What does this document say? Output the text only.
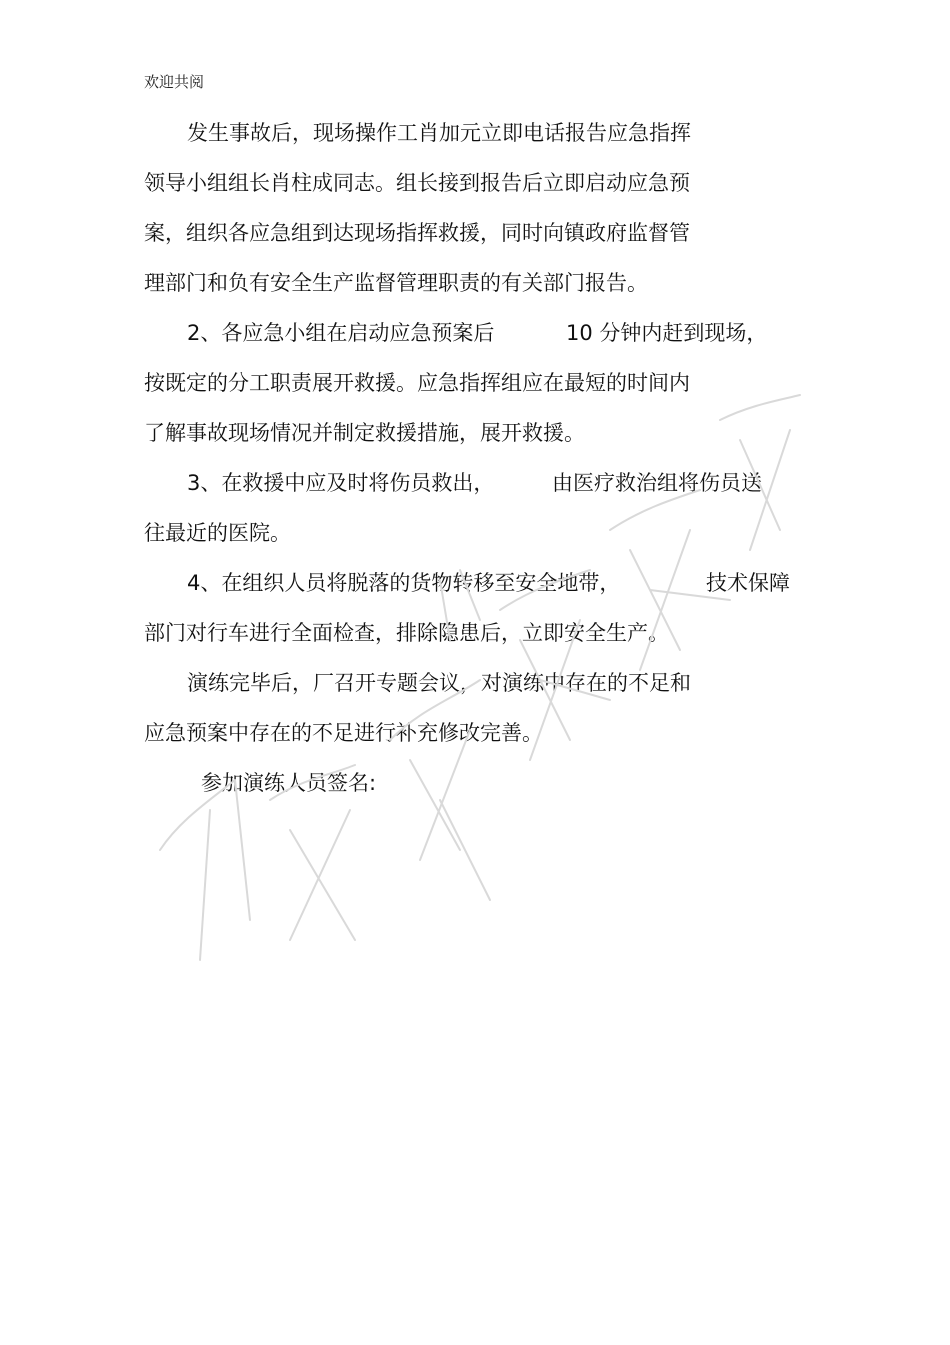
欢迎共阅
发生事故后，现场操作工肖加元立即电话报告应急指挥
领导小组组长肖柱成同志。组长接到报告后立即启动应急预
案，组织各应急组到达现场指挥救援，同时向镇政府监督管
理部门和负有安全生产监督管理职责的有关部门报告。
2、各应急小组在启动应急预案后	10 分钟内赶到现场，
按既定的分工职责展开救援。应急指挥组应在最短的时间内
了解事故现场情况并制定救援措施，展开救援。
3、在救援中应及时将伤员救出，	由医疗救治组将伤员送
往最近的医院。
4、在组织人员将脱落的货物转移至安全地带，	技术保障
部门对行车进行全面检查，排除隐患后，立即安全生产。
演练完毕后，厂召开专题会议，对演练中存在的不足和
应急预案中存在的不足进行补充修改完善。
参加演练人员签名:
